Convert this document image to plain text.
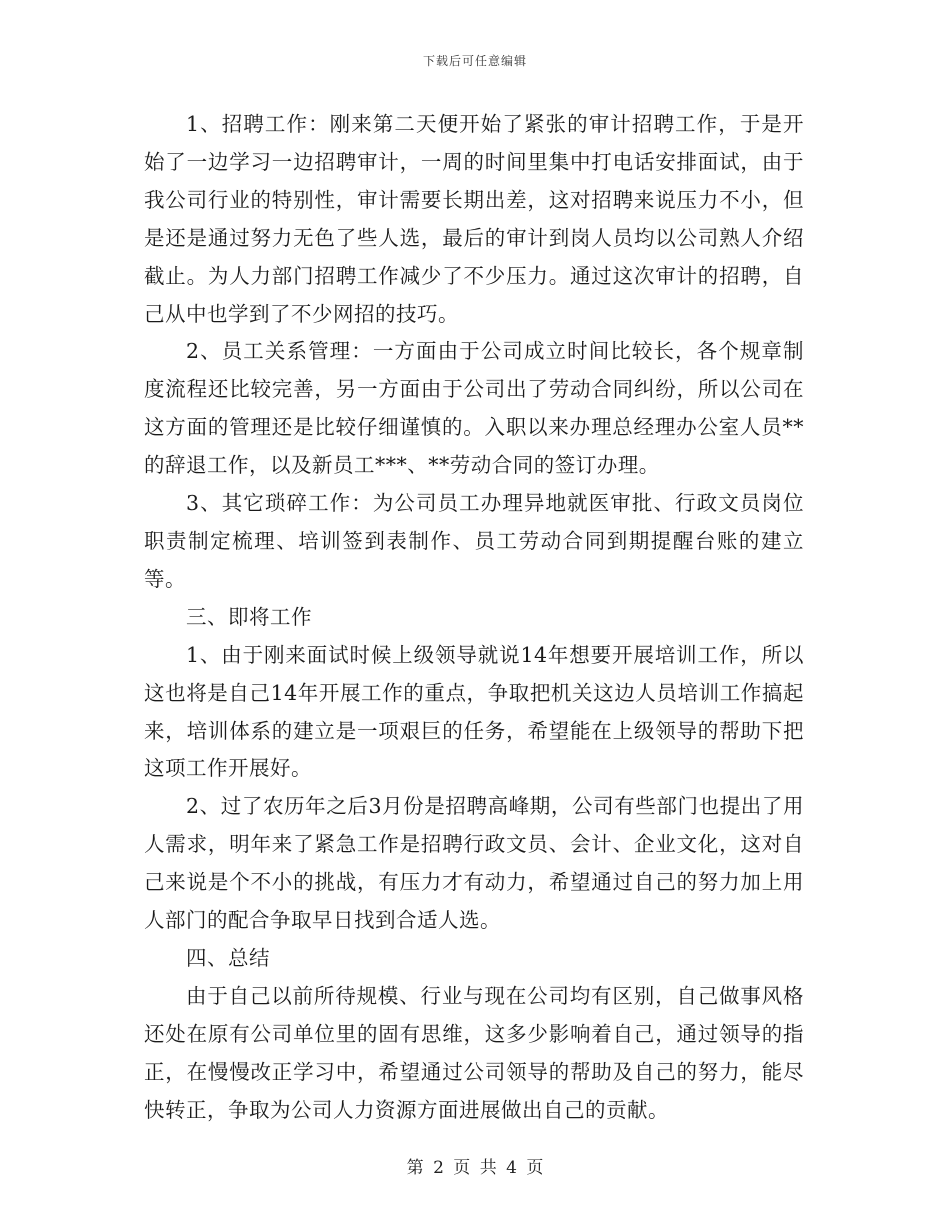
下载后可任意编辑

1、招聘工作：刚来第二天便开始了紧张的审计招聘工作，于是开始了一边学习一边招聘审计，一周的时间里集中打电话安排面试，由于我公司行业的特别性，审计需要长期出差，这对招聘来说压力不小，但是还是通过努力无色了些人选，最后的审计到岗人员均以公司熟人介绍截止。为人力部门招聘工作减少了不少压力。通过这次审计的招聘，自己从中也学到了不少网招的技巧。

2、员工关系管理：一方面由于公司成立时间比较长，各个规章制度流程还比较完善，另一方面由于公司出了劳动合同纠纷，所以公司在这方面的管理还是比较仔细谨慎的。入职以来办理总经理办公室人员**的辞退工作，以及新员工***、**劳动合同的签订办理。

3、其它琐碎工作：为公司员工办理异地就医审批、行政文员岗位职责制定梳理、培训签到表制作、员工劳动合同到期提醒台账的建立等。

三、即将工作

1、由于刚来面试时候上级领导就说14年想要开展培训工作，所以这也将是自己14年开展工作的重点，争取把机关这边人员培训工作搞起来，培训体系的建立是一项艰巨的任务，希望能在上级领导的帮助下把这项工作开展好。

2、过了农历年之后3月份是招聘高峰期，公司有些部门也提出了用人需求，明年来了紧急工作是招聘行政文员、会计、企业文化，这对自己来说是个不小的挑战，有压力才有动力，希望通过自己的努力加上用人部门的配合争取早日找到合适人选。

四、总结

由于自己以前所待规模、行业与现在公司均有区别，自己做事风格还处在原有公司单位里的固有思维，这多少影响着自己，通过领导的指正，在慢慢改正学习中，希望通过公司领导的帮助及自己的努力，能尽快转正，争取为公司人力资源方面进展做出自己的贡献。

第 2 页 共 4 页
